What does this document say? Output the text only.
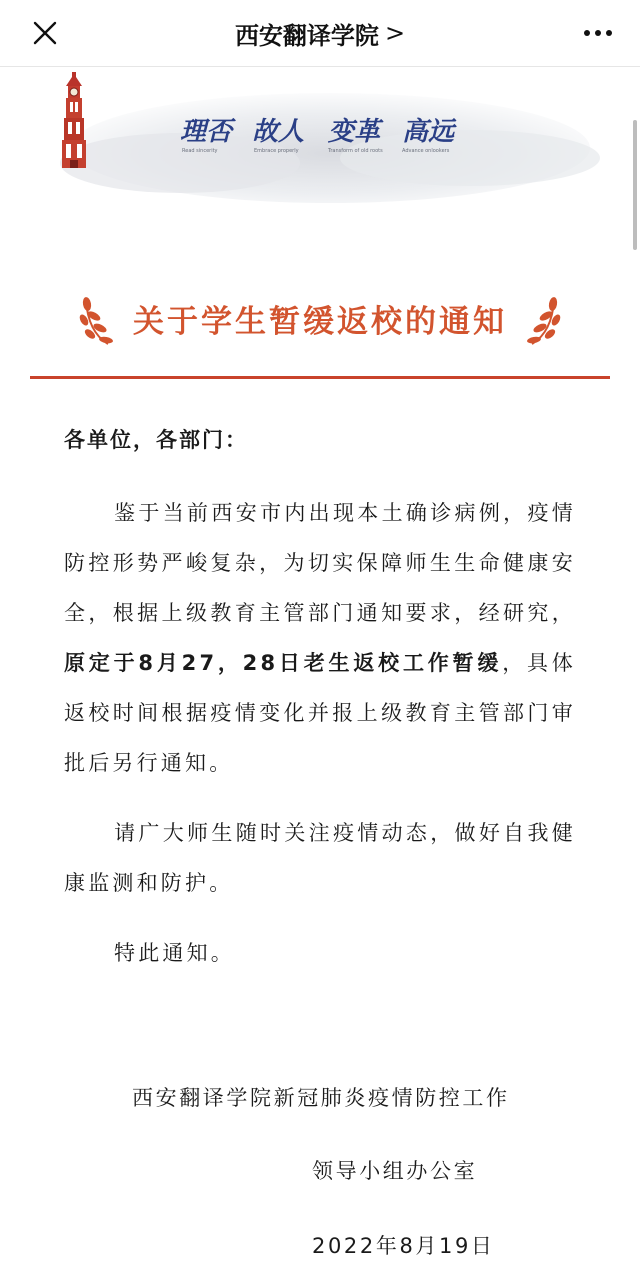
西安翻译学院 >
理否 故人 变革 高远
Read sincerity	Embrace properly	Transform of old roots	Advance onlookers
关于学生暂缓返校的通知
各单位，各部门：

鉴于当前西安市内出现本土确诊病例，疫情防控形势严峻复杂，为切实保障师生生命健康安全，根据上级教育主管部门通知要求，经研究，原定于8月27，28日老生返校工作暂缓，具体返校时间根据疫情变化并报上级教育主管部门审批后另行通知。

请广大师生随时关注疫情动态，做好自我健康监测和防护。

特此通知。

西安翻译学院新冠肺炎疫情防控工作
领导小组办公室
2022年8月19日
